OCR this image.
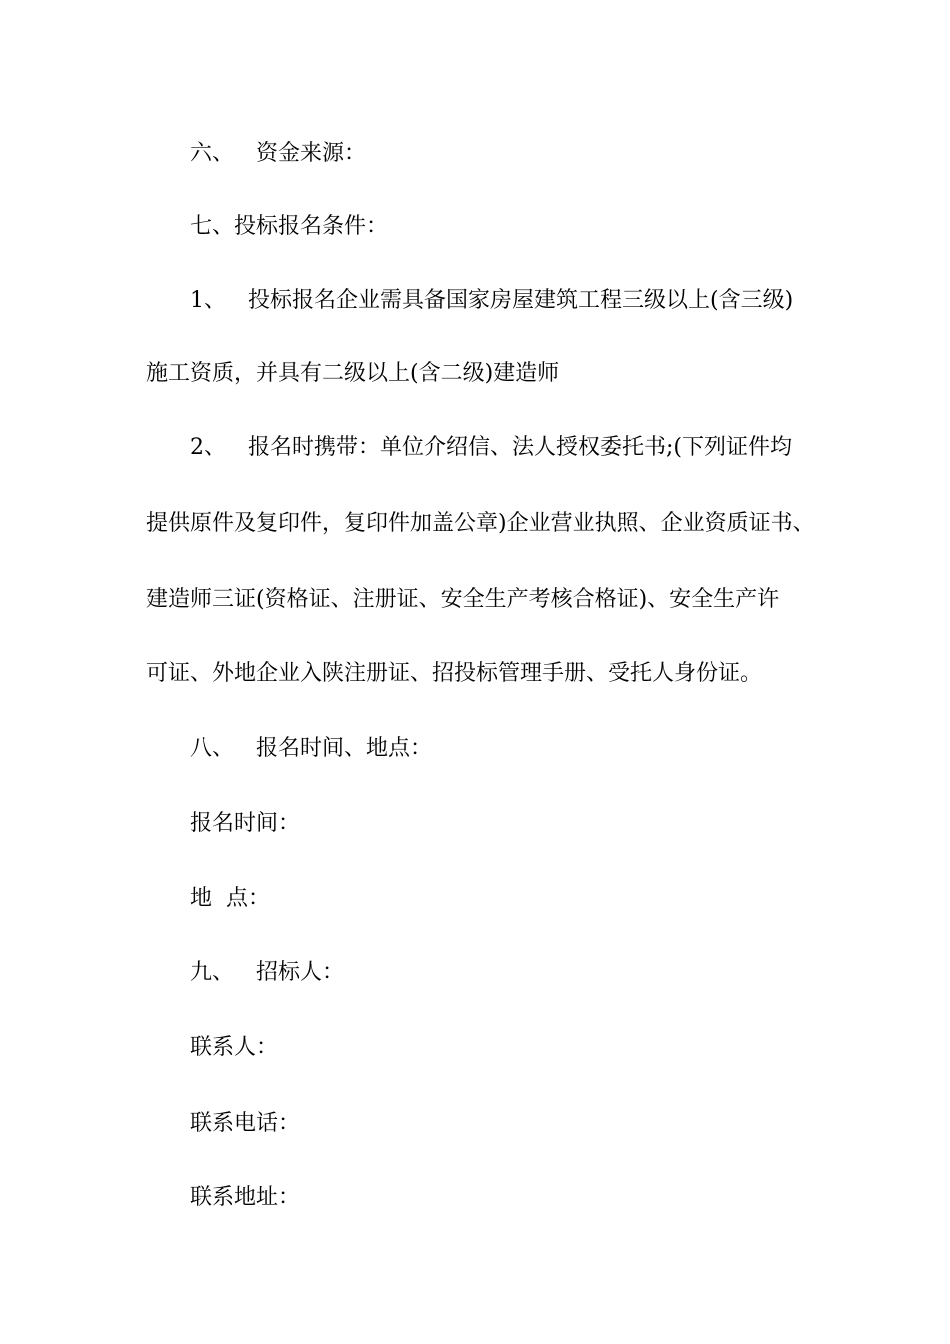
六、 资金来源：
七、投标报名条件：
1、 投标报名企业需具备国家房屋建筑工程三级以上(含三级)
施工资质，并具有二级以上(含二级)建造师
2、 报名时携带：单位介绍信、法人授权委托书;(下列证件均
提供原件及复印件，复印件加盖公章)企业营业执照、企业资质证书、
建造师三证(资格证、注册证、安全生产考核合格证)、安全生产许
可证、外地企业入陕注册证、招投标管理手册、受托人身份证。
八、 报名时间、地点：
报名时间：
地 点：
九、 招标人：
联系人：
联系电话：
联系地址：
